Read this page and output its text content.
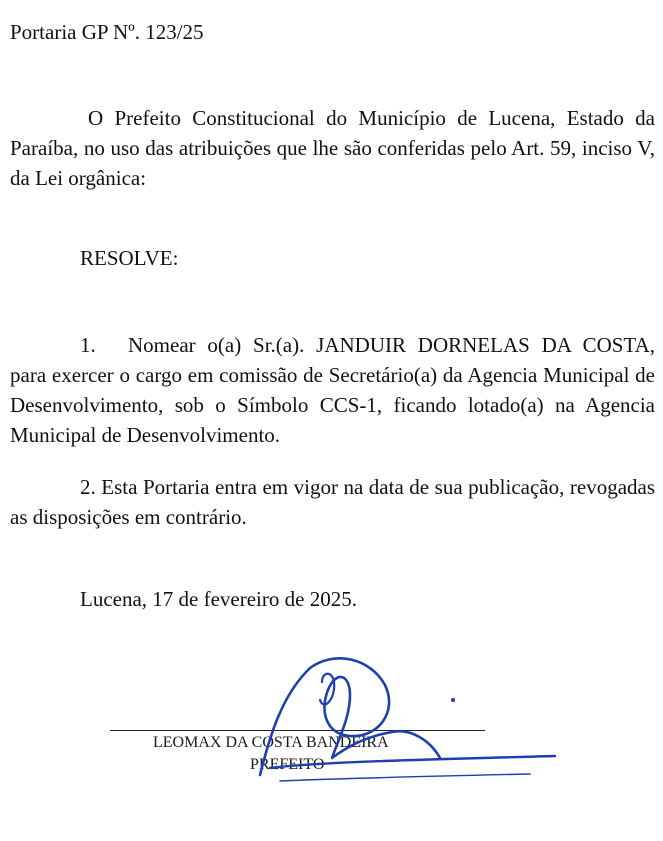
Portaria GP Nº. 123/25
O Prefeito Constitucional do Município de Lucena, Estado da Paraíba, no uso das atribuições que lhe são conferidas pelo Art. 59, inciso V, da Lei orgânica:
RESOLVE:
1. Nomear o(a) Sr.(a). JANDUIR DORNELAS DA COSTA, para exercer o cargo em comissão de Secretário(a) da Agencia Municipal de Desenvolvimento, sob o Símbolo CCS-1, ficando lotado(a) na Agencia Municipal de Desenvolvimento.
2. Esta Portaria entra em vigor na data de sua publicação, revogadas as disposições em contrário.
Lucena, 17 de fevereiro de 2025.
LEOMAX DA COSTA BANDEIRA
PREFEITO
